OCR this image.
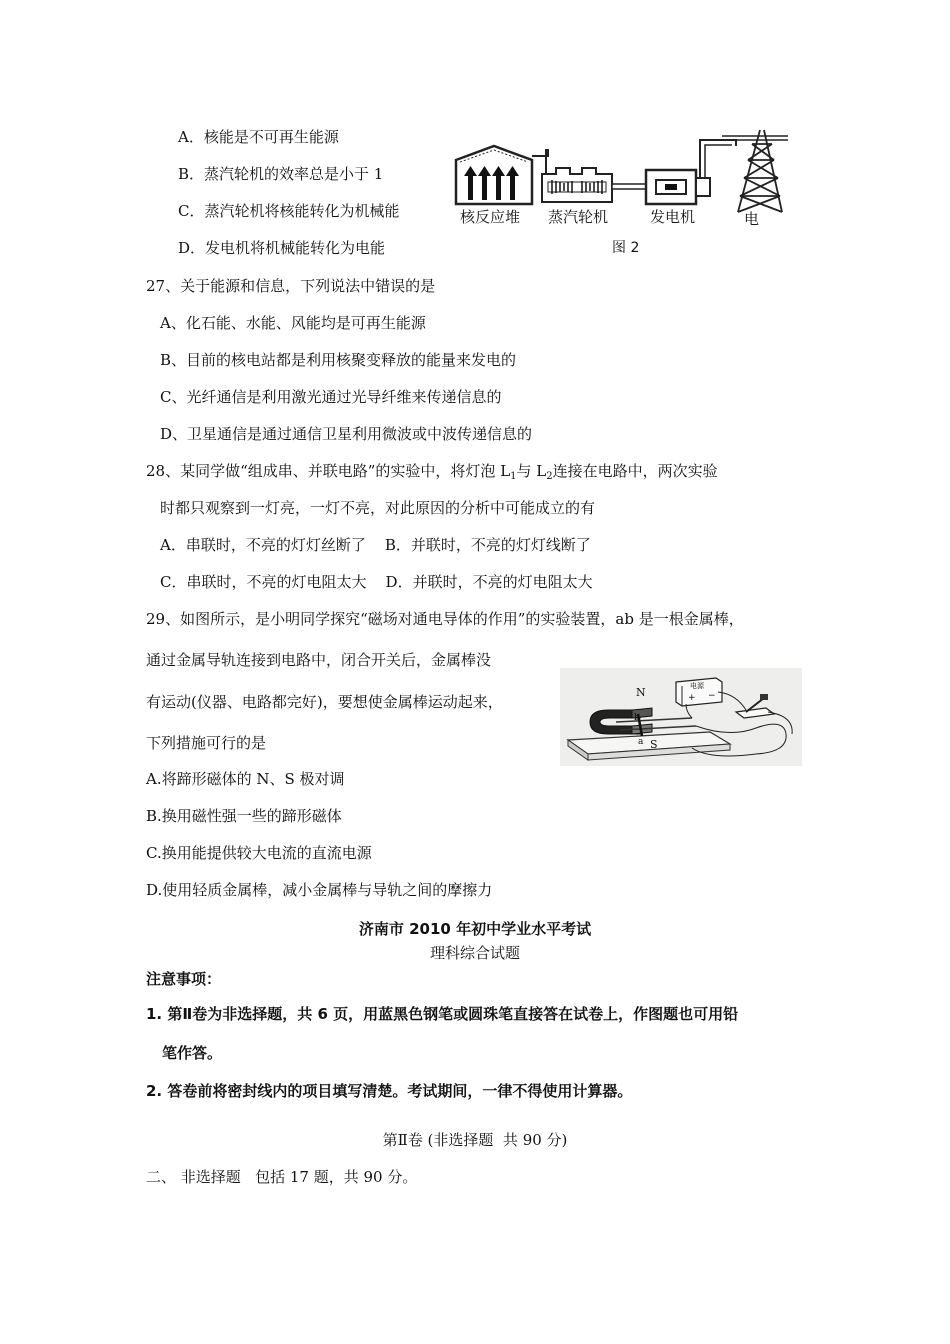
A．核能是不可再生能源
B．蒸汽轮机的效率总是小于 1
C．蒸汽轮机将核能转化为机械能
D．发电机将机械能转化为电能
核反应堆 蒸汽轮机	发电机	电
图 2
27、关于能源和信息，下列说法中错误的是
A、化石能、水能、风能均是可再生能源
B、目前的核电站都是利用核聚变释放的能量来发电的
C、光纤通信是利用激光通过光导纤维来传递信息的
D、卫星通信是通过通信卫星利用微波或中波传递信息的
28、某同学做“组成串、并联电路”的实验中，将灯泡 $L_1$与 $L_2$连接在电路中，两次实验
时都只观察到一灯亮，一灯不亮，对此原因的分析中可能成立的有
A．串联时，不亮的灯灯丝断了    B．并联时，不亮的灯灯线断了
C．串联时，不亮的灯电阻太大    D．并联时，不亮的灯电阻太大
29、如图所示，是小明同学探究“磁场对通电导体的作用”的实验装置，ab 是一根金属棒，
通过金属导轨连接到电路中，闭合开关后，金属棒没
有运动(仪器、电路都完好)，要想使金属棒运动起来，
下列措施可行的是
N
S
b
a
电源
+ −
A.将蹄形磁体的 N、S 极对调
B.换用磁性强一些的蹄形磁体
C.换用能提供较大电流的直流电源
D.使用轻质金属棒，减小金属棒与导轨之间的摩擦力
济南市 2010 年初中学业水平考试
理科综合试题
注意事项：
1. 第Ⅱ卷为非选择题，共 6 页，用蓝黑色钢笔或圆珠笔直接答在试卷上，作图题也可用铅
笔作答。
2. 答卷前将密封线内的项目填写清楚。考试期间，一律不得使用计算器。
第Ⅱ卷 (非选择题  共 90 分)
二、 非选择题   包括 17 题，共 90 分。
